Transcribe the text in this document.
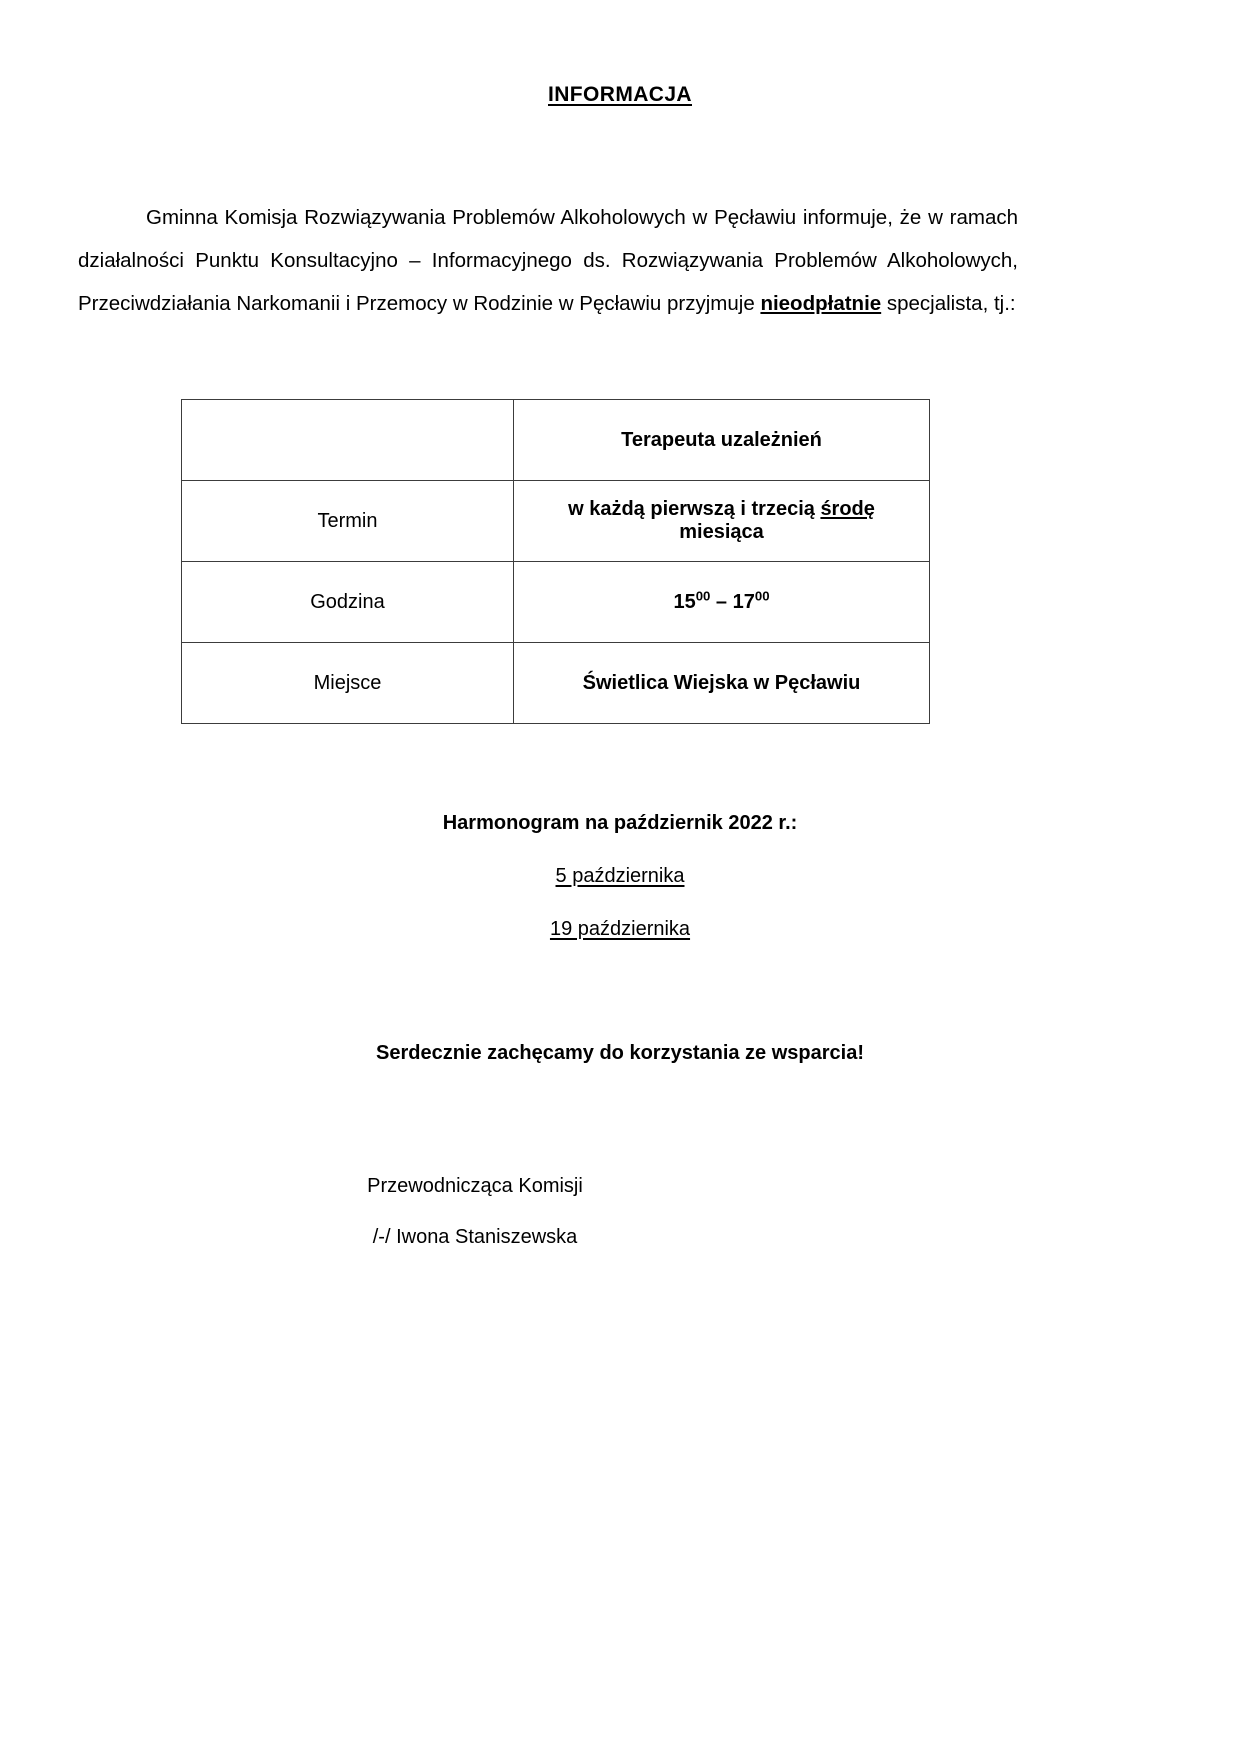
INFORMACJA

Gminna Komisja Rozwiązywania Problemów Alkoholowych w Pęcławiu informuje, że w ramach działalności Punktu Konsultacyjno – Informacyjnego ds. Rozwiązywania Problemów Alkoholowych, Przeciwdziałania Narkomanii i Przemocy w Rodzinie w Pęcławiu przyjmuje nieodpłatnie specjalista, tj.:

	Terapeuta uzależnień
Termin	w każdą pierwszą i trzecią środę miesiąca
Godzina	$15^{00} - 17^{00}$
Miejsce	Świetlica Wiejska w Pęcławiu

Harmonogram na październik 2022 r.:

5 października
19 października

Serdecznie zachęcamy do korzystania ze wsparcia!

Przewodnicząca Komisji
/-/ Iwona Staniszewska
